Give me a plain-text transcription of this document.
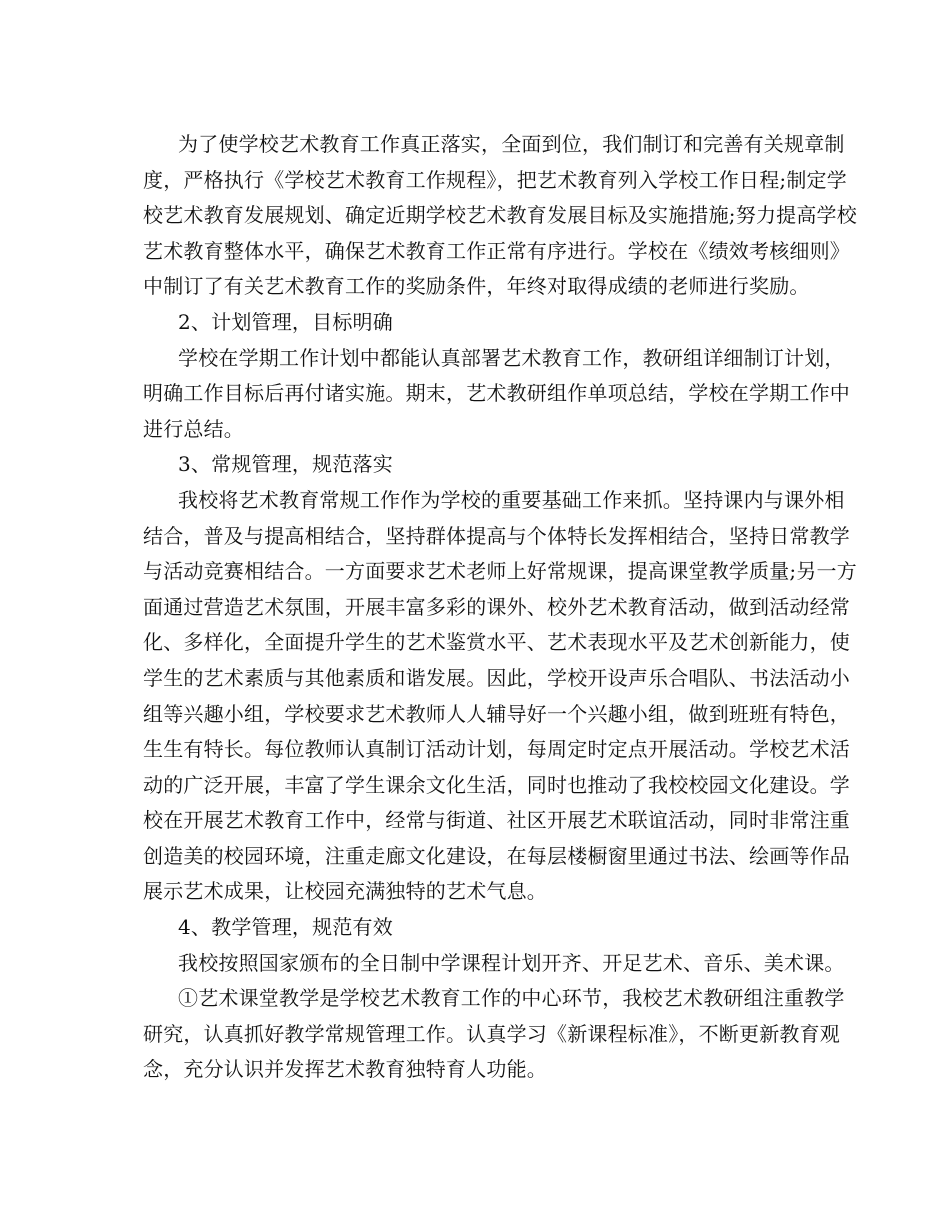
为了使学校艺术教育工作真正落实，全面到位，我们制订和完善有关规章制
度，严格执行《学校艺术教育工作规程》，把艺术教育列入学校工作日程;制定学
校艺术教育发展规划、确定近期学校艺术教育发展目标及实施措施;努力提高学校
艺术教育整体水平，确保艺术教育工作正常有序进行。学校在《绩效考核细则》
中制订了有关艺术教育工作的奖励条件，年终对取得成绩的老师进行奖励。
2、计划管理，目标明确
学校在学期工作计划中都能认真部署艺术教育工作，教研组详细制订计划，
明确工作目标后再付诸实施。期末，艺术教研组作单项总结，学校在学期工作中
进行总结。
3、常规管理，规范落实
我校将艺术教育常规工作作为学校的重要基础工作来抓。坚持课内与课外相
结合，普及与提高相结合，坚持群体提高与个体特长发挥相结合，坚持日常教学
与活动竞赛相结合。一方面要求艺术老师上好常规课，提高课堂教学质量;另一方
面通过营造艺术氛围，开展丰富多彩的课外、校外艺术教育活动，做到活动经常
化、多样化，全面提升学生的艺术鉴赏水平、艺术表现水平及艺术创新能力，使
学生的艺术素质与其他素质和谐发展。因此，学校开设声乐合唱队、书法活动小
组等兴趣小组，学校要求艺术教师人人辅导好一个兴趣小组，做到班班有特色，
生生有特长。每位教师认真制订活动计划，每周定时定点开展活动。学校艺术活
动的广泛开展，丰富了学生课余文化生活，同时也推动了我校校园文化建设。学
校在开展艺术教育工作中，经常与街道、社区开展艺术联谊活动，同时非常注重
创造美的校园环境，注重走廊文化建设，在每层楼橱窗里通过书法、绘画等作品
展示艺术成果，让校园充满独特的艺术气息。
4、教学管理，规范有效
我校按照国家颁布的全日制中学课程计划开齐、开足艺术、音乐、美术课。
①艺术课堂教学是学校艺术教育工作的中心环节，我校艺术教研组注重教学
研究，认真抓好教学常规管理工作。认真学习《新课程标准》，不断更新教育观
念，充分认识并发挥艺术教育独特育人功能。
